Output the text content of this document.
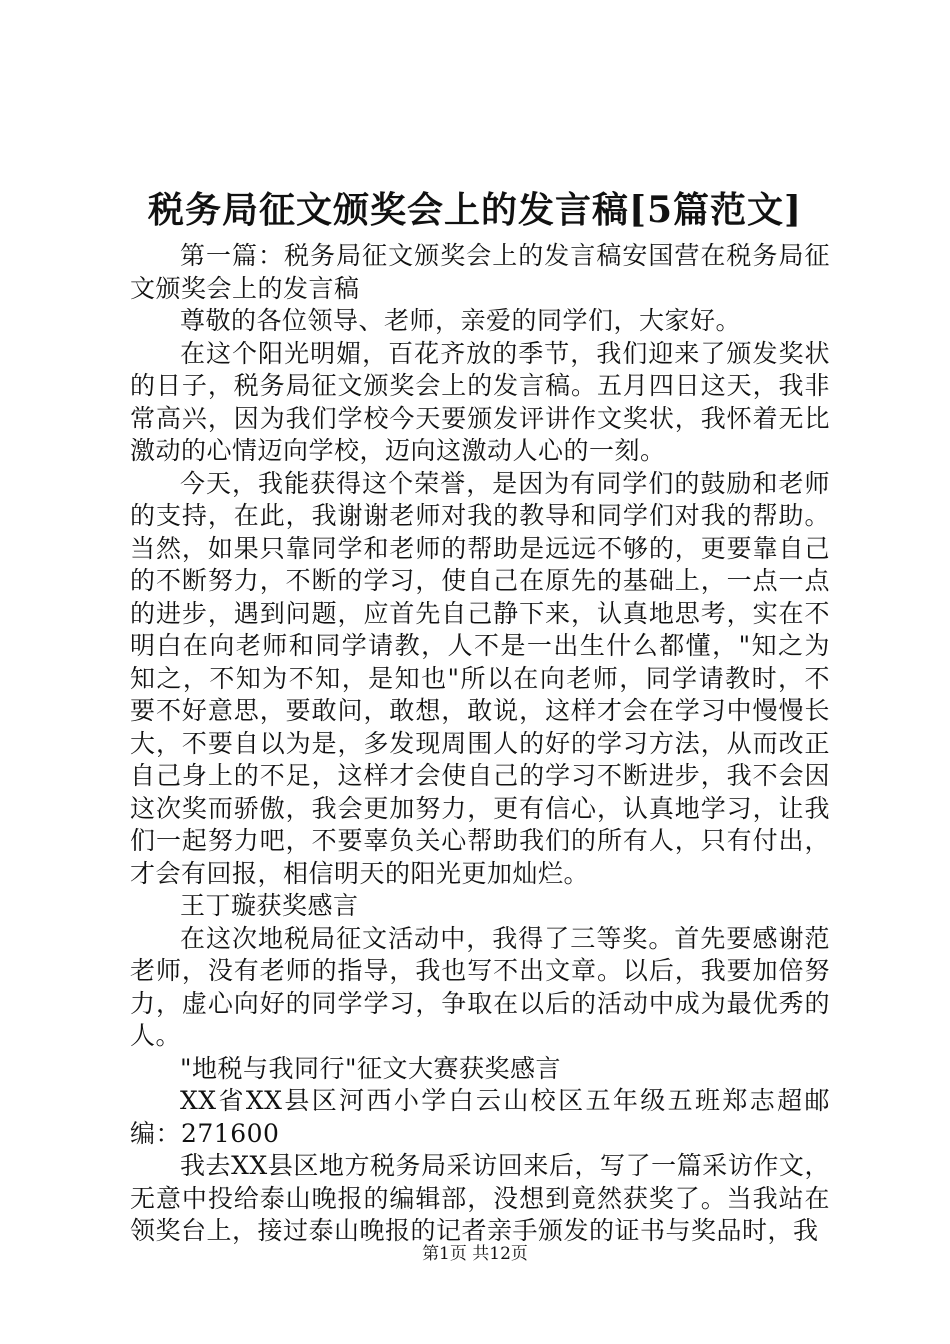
税务局征文颁奖会上的发言稿[5篇范文]

第一篇：税务局征文颁奖会上的发言稿安国营在税务局征文颁奖会上的发言稿

尊敬的各位领导、老师，亲爱的同学们，大家好。

在这个阳光明媚，百花齐放的季节，我们迎来了颁发奖状的日子，税务局征文颁奖会上的发言稿。五月四日这天，我非常高兴，因为我们学校今天要颁发评讲作文奖状，我怀着无比激动的心情迈向学校，迈向这激动人心的一刻。

今天，我能获得这个荣誉，是因为有同学们的鼓励和老师的支持，在此，我谢谢老师对我的教导和同学们对我的帮助。当然，如果只靠同学和老师的帮助是远远不够的，更要靠自己的不断努力，不断的学习，使自己在原先的基础上，一点一点的进步，遇到问题，应首先自己静下来，认真地思考，实在不明白在向老师和同学请教，人不是一出生什么都懂，"知之为知之，不知为不知，是知也"所以在向老师，同学请教时，不要不好意思，要敢问，敢想，敢说，这样才会在学习中慢慢长大，不要自以为是，多发现周围人的好的学习方法，从而改正自己身上的不足，这样才会使自己的学习不断进步，我不会因这次奖而骄傲，我会更加努力，更有信心，认真地学习，让我们一起努力吧，不要辜负关心帮助我们的所有人，只有付出，才会有回报，相信明天的阳光更加灿烂。

王丁璇获奖感言

在这次地税局征文活动中，我得了三等奖。首先要感谢范老师，没有老师的指导，我也写不出文章。以后，我要加倍努力，虚心向好的同学学习，争取在以后的活动中成为最优秀的人。

"地税与我同行"征文大赛获奖感言

XX省XX县区河西小学白云山校区五年级五班郑志超邮编：271600

我去XX县区地方税务局采访回来后，写了一篇采访作文，无意中投给泰山晚报的编辑部，没想到竟然获奖了。当我站在领奖台上，接过泰山晚报的记者亲手颁发的证书与奖品时，我

第1页 共12页
